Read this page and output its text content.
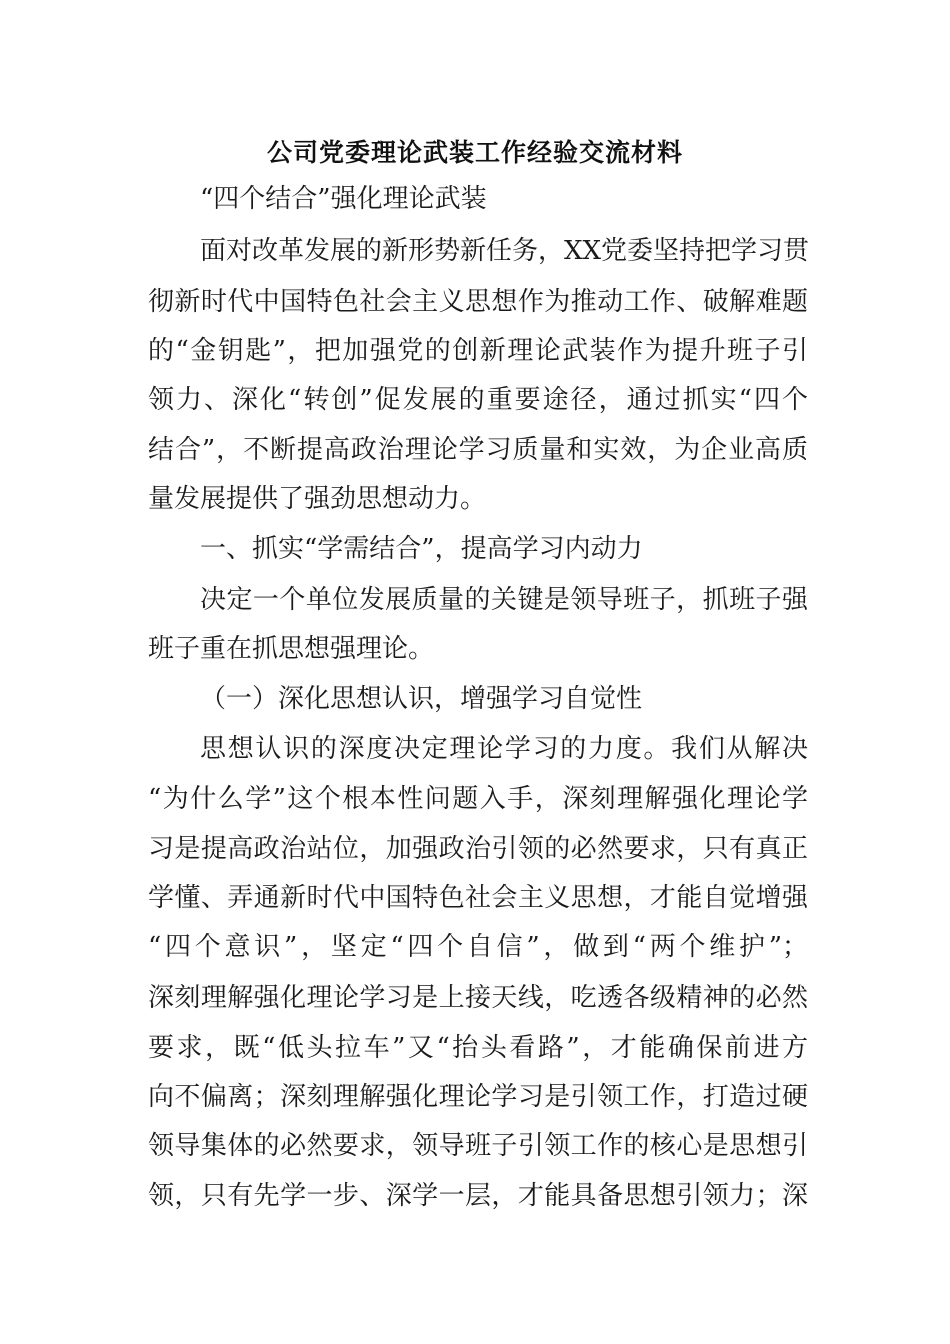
公司党委理论武装工作经验交流材料
“四个结合”强化理论武装
面对改革发展的新形势新任务，XX党委坚持把学习贯
彻新时代中国特色社会主义思想作为推动工作、破解难题
的“金钥匙”，把加强党的创新理论武装作为提升班子引
领力、深化“转创”促发展的重要途径，通过抓实“四个
结合”，不断提高政治理论学习质量和实效，为企业高质
量发展提供了强劲思想动力。
一、抓实“学需结合”，提高学习内动力
决定一个单位发展质量的关键是领导班子，抓班子强
班子重在抓思想强理论。
（一）深化思想认识，增强学习自觉性
思想认识的深度决定理论学习的力度。我们从解决
“为什么学”这个根本性问题入手，深刻理解强化理论学
习是提高政治站位，加强政治引领的必然要求，只有真正
学懂、弄通新时代中国特色社会主义思想，才能自觉增强
“四个意识”，坚定“四个自信”，做到“两个维护”；
深刻理解强化理论学习是上接天线，吃透各级精神的必然
要求，既“低头拉车”又“抬头看路”，才能确保前进方
向不偏离；深刻理解强化理论学习是引领工作，打造过硬
领导集体的必然要求，领导班子引领工作的核心是思想引
领，只有先学一步、深学一层，才能具备思想引领力；深
